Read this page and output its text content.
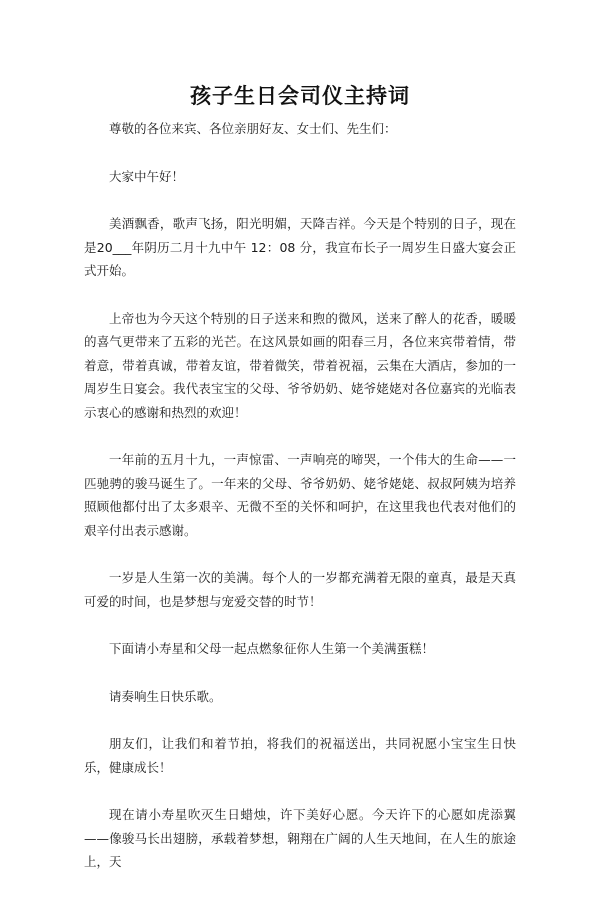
孩子生日会司仪主持词

尊敬的各位来宾、各位亲朋好友、女士们、先生们：

大家中午好！

美酒飘香，歌声飞扬，阳光明媚，天降吉祥。今天是个特别的日子，现在是20___年阴历二月十九中午 12：08 分，我宣布长子一周岁生日盛大宴会正式开始。

上帝也为今天这个特别的日子送来和煦的微风，送来了醉人的花香，暖暖的喜气更带来了五彩的光芒。在这风景如画的阳春三月，各位来宾带着情，带着意，带着真诚，带着友谊，带着微笑，带着祝福，云集在大酒店，参加的一周岁生日宴会。我代表宝宝的父母、爷爷奶奶、姥爷姥姥对各位嘉宾的光临表示衷心的感谢和热烈的欢迎！

一年前的五月十九，一声惊雷、一声响亮的啼哭，一个伟大的生命——一匹驰骋的骏马诞生了。一年来的父母、爷爷奶奶、姥爷姥姥、叔叔阿姨为培养照顾他都付出了太多艰辛、无微不至的关怀和呵护，在这里我也代表对他们的艰辛付出表示感谢。

一岁是人生第一次的美满。每个人的一岁都充满着无限的童真，最是天真可爱的时间，也是梦想与宠爱交替的时节！

下面请小寿星和父母一起点燃象征你人生第一个美满蛋糕！

请奏响生日快乐歌。

朋友们，让我们和着节拍，将我们的祝福送出，共同祝愿小宝宝生日快乐，健康成长！

现在请小寿星吹灭生日蜡烛，许下美好心愿。今天许下的心愿如虎添翼——像骏马长出翅膀，承载着梦想，翱翔在广阔的人生天地间，在人生的旅途上，天
